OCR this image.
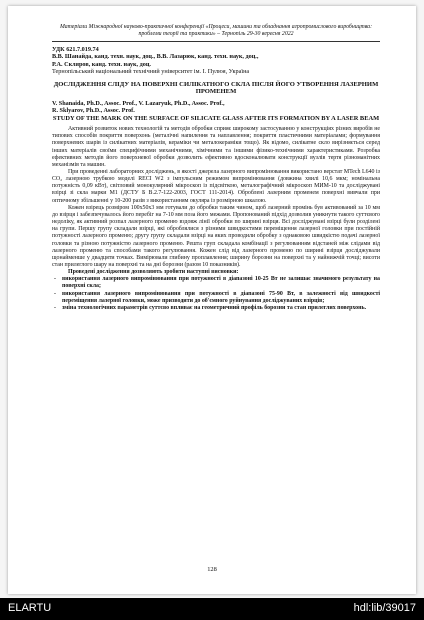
Матеріали Міжнародної науково-практичної конференції «Процеси, машини та обладнання агропромислового виробництва: проблеми теорії та практики» – Тернопіль 29-30 вересня 2022
УДК 621.7.019.74
В.В. Шанайда, канд. техн. наук, доц., В.В. Лазарюк, канд. техн. наук, доц.,
Р.А. Скляров, канд. техн. наук, доц.
Тернопільський національний технічний університет ім. І. Пулюя, Україна
ДОСЛІДЖЕННЯ СЛІДУ НА ПОВЕРХНІ СИЛІКАТНОГО СКЛА ПІСЛЯ ЙОГО УТВОРЕННЯ ЛАЗЕРНИМ ПРОМЕНЕМ
V. Shanaida, Ph.D., Assoc. Prof., V. Lazaryuk, Ph.D., Assoc. Prof.,
R. Sklyarov, Ph.D., Assoc. Prof.
STUDY OF THE MARK ON THE SURFACE OF SILICATE GLASS AFTER ITS FORMATION BY A LASER BEAM

Активний розвиток нових технологій та методів обробки сприяє широкому застосуванню у конструкціях різних виробів не типових способів покриття поверхонь (металічні напилення та наплавлення; покриття пластичними матеріалами; формування поверхневих шарів із силікатних матеріалів, кераміки чи металокераміки тощо). Як відомо, силікатне скло вирізняється серед інших матеріалів своїми специфічними механічними, хімічними та іншими фізико-технічними характеристиками. Розробка ефективних методів його поверхневої обробки дозволить ефективно вдосконалювати конструкції вузлів тертя різноманітних механізмів та машин.

При проведенні лабораторних досліджень, в якості джерела лазерного випромінювання використано верстат MTech L640 із CO₂ лазерною трубкою моделі RECI W2 з імпульсним режимом випромінювання (довжина хвилі 10,6 мкм; номінальна потужність 0,09 кВт), світловий монокулярний мікроскоп із підсвіткою, металографічний мікроскоп МИМ-10 та досліджувані взірці зі скла марки М1 (ДСТУ Б В.2.7-122-2003, ГОСТ 111-2014). Оброблені лазерним променем поверхні вивчали при оптичному збільшенні у 10-200 разів з використанням окуляра із розмірною шкалою.

Кожен взірець розміром 100х50х3 мм готували до обробки таким чином, щоб лазерний промінь був активований за 10 мм до взірця і забезпечувалось його перебіг на 7-10 мм поза його межами. Пропонований підхід дозволив уникнути такого суттєвого недоліку, як активний розпал лазерного променю вздовж лінії обробки по ширині взірця. Всі досліджувані взірці були розділені на групи. Першу групу складали взірці, які оброблялися з різними швидкостями переміщення лазерної головки при постійній потужності лазерного променю; другу групу складали взірці на яких проводили обробку з однаковою швидкістю подачі лазерної головки та різною потужністю лазерного променю. Решта груп складала комбінації з регулюванням відстаней між слідами від лазерного променю та способами такого регулювання. Кожен слід від лазерного променю по ширині взірця досліджували щонайменше у двадцяти точках. Вимірювали глибину проплавлення; ширину борозни на поверхні та у найнижчій точці; висоти стан прилеглого шару на поверхні та на дні борозни (разом 10 показників).

Проведені дослідження дозволяють зробити наступні висновки:

- використання лазерного випромінювання при потужності в діапазоні 10-25 Вт не залишає значимого результату на поверхні скла;
- використання лазерного випромінювання при потужності в діапазоні 75-90 Вт, в залежності від швидкості переміщення лазерної головки, може призводити до об'ємного руйнування досліджуваних взірців;
- зміна технологічних параметрів суттєво впливає на геометричний профіль борозни та стан прилеглих поверхонь.
128
ELARTU	hdl:lib/39017
